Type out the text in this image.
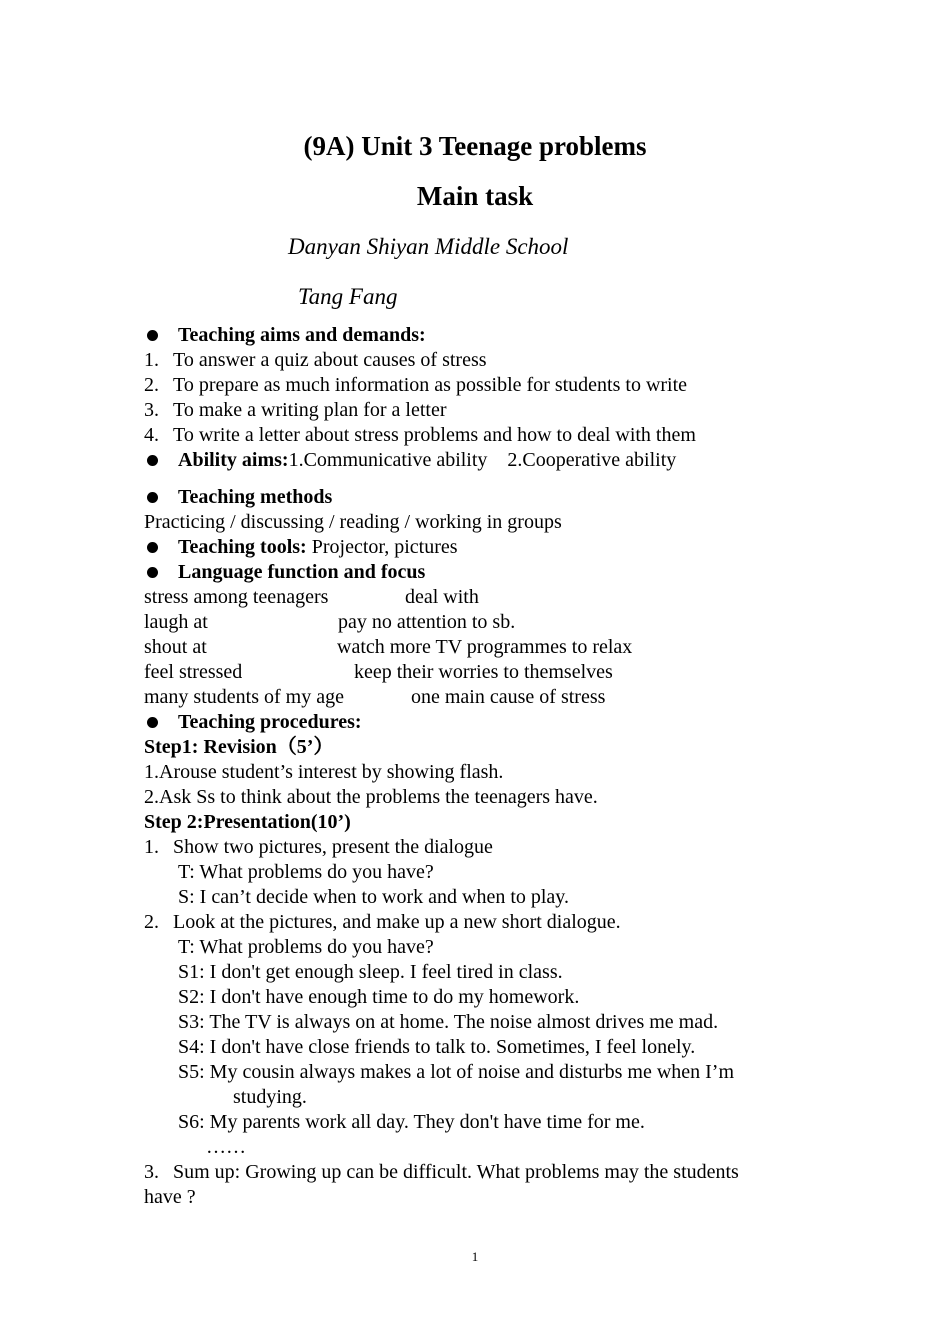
(9A) Unit 3 Teenage problems
Main task
Danyan Shiyan Middle School
Tang Fang
Teaching aims and demands:
1. To answer a quiz about causes of stress
2. To prepare as much information as possible for students to write
3. To make a writing plan for a letter
4. To write a letter about stress problems and how to deal with them
Ability aims: 1.Communicative ability    2.Cooperative ability
Teaching methods
Practicing / discussing / reading / working in groups
Teaching tools: Projector, pictures
Language function and focus
stress among teenagers	deal with
laugh at	pay no attention to sb.
shout at	watch more TV programmes to relax
feel stressed	keep their worries to themselves
many students of my age	one main cause of stress
Teaching procedures:
Step1: Revision（5’）
1.Arouse student’s interest by showing flash.
2.Ask Ss to think about the problems the teenagers have.
Step 2:Presentation(10’)
1. Show two pictures, present the dialogue
T: What problems do you have?
S: I can’t decide when to work and when to play.
2. Look at the pictures, and make up a new short dialogue.
T: What problems do you have?
S1: I don't get enough sleep. I feel tired in class.
S2: I don't have enough time to do my homework.
S3: The TV is always on at home. The noise almost drives me mad.
S4: I don't have close friends to talk to. Sometimes, I feel lonely.
S5: My cousin always makes a lot of noise and disturbs me when I’m
studying.
S6: My parents work all day. They don't have time for me.
……
3. Sum up: Growing up can be difficult. What problems may the students
have ?
1
